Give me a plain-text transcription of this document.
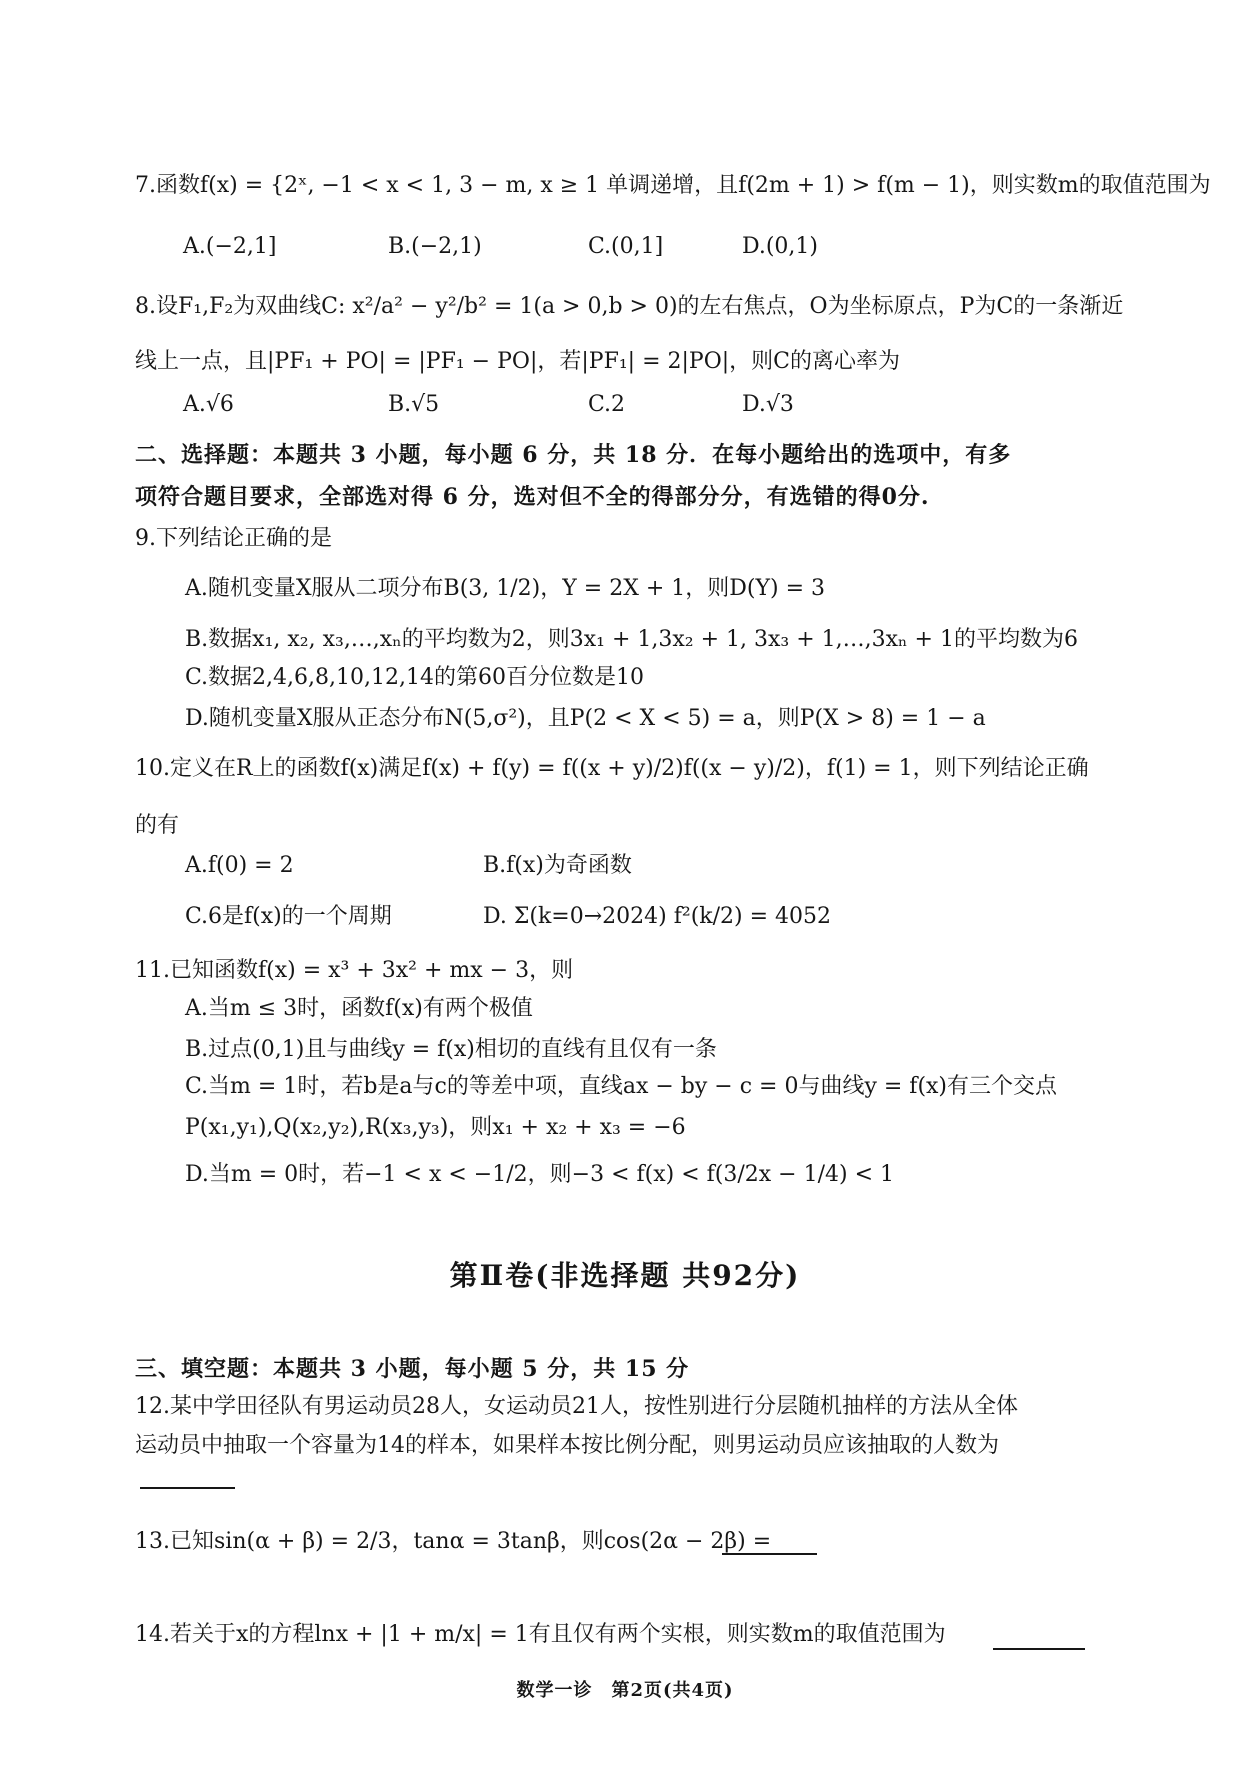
7.函数f(x) = {2ˣ, −1 < x < 1, 3 − m, x ≥ 1 单调递增，且f(2m + 1) > f(m − 1)，则实数m的取值范围为
A.(−2,1]	B.(−2,1)	C.(0,1]	D.(0,1)
8.设F₁,F₂为双曲线C: x²/a² − y²/b² = 1(a > 0,b > 0)的左右焦点，O为坐标原点，P为C的一条渐近
线上一点，且|PF₁ + PO| = |PF₁ − PO|，若|PF₁| = 2|PO|，则C的离心率为
A.√6	B.√5	C.2	D.√3
二、选择题：本题共 3 小题，每小题 6 分，共 18 分．在每小题给出的选项中，有多
项符合题目要求，全部选对得 6 分，选对但不全的得部分分，有选错的得0分.
9.下列结论正确的是
A.随机变量X服从二项分布B(3, 1/2)，Y = 2X + 1，则D(Y) = 3
B.数据x₁, x₂, x₃,…,xₙ的平均数为2，则3x₁ + 1,3x₂ + 1, 3x₃ + 1,…,3xₙ + 1的平均数为6
C.数据2,4,6,8,10,12,14的第60百分位数是10
D.随机变量X服从正态分布N(5,σ²)，且P(2 < X < 5) = a，则P(X > 8) = 1 − a
10.定义在R上的函数f(x)满足f(x) + f(y) = f((x + y)/2)f((x − y)/2)，f(1) = 1，则下列结论正确
的有
A.f(0) = 2	B.f(x)为奇函数
C.6是f(x)的一个周期	D. Σ(k=0→2024) f²(k/2) = 4052
11.已知函数f(x) = x³ + 3x² + mx − 3，则
A.当m ≤ 3时，函数f(x)有两个极值
B.过点(0,1)且与曲线y = f(x)相切的直线有且仅有一条
C.当m = 1时，若b是a与c的等差中项，直线ax − by − c = 0与曲线y = f(x)有三个交点
P(x₁,y₁),Q(x₂,y₂),R(x₃,y₃)，则x₁ + x₂ + x₃ = −6
D.当m = 0时，若−1 < x < −1/2，则−3 < f(x) < f(3/2x − 1/4) < 1
第Ⅱ卷(非选择题 共92分)
三、填空题：本题共 3 小题，每小题 5 分，共 15 分
12.某中学田径队有男运动员28人，女运动员21人，按性别进行分层随机抽样的方法从全体
运动员中抽取一个容量为14的样本，如果样本按比例分配，则男运动员应该抽取的人数为
13.已知sin(α + β) = 2/3，tanα = 3tanβ，则cos(2α − 2β) =
14.若关于x的方程lnx + |1 + m/x| = 1有且仅有两个实根，则实数m的取值范围为
数学一诊　第2页(共4页)
